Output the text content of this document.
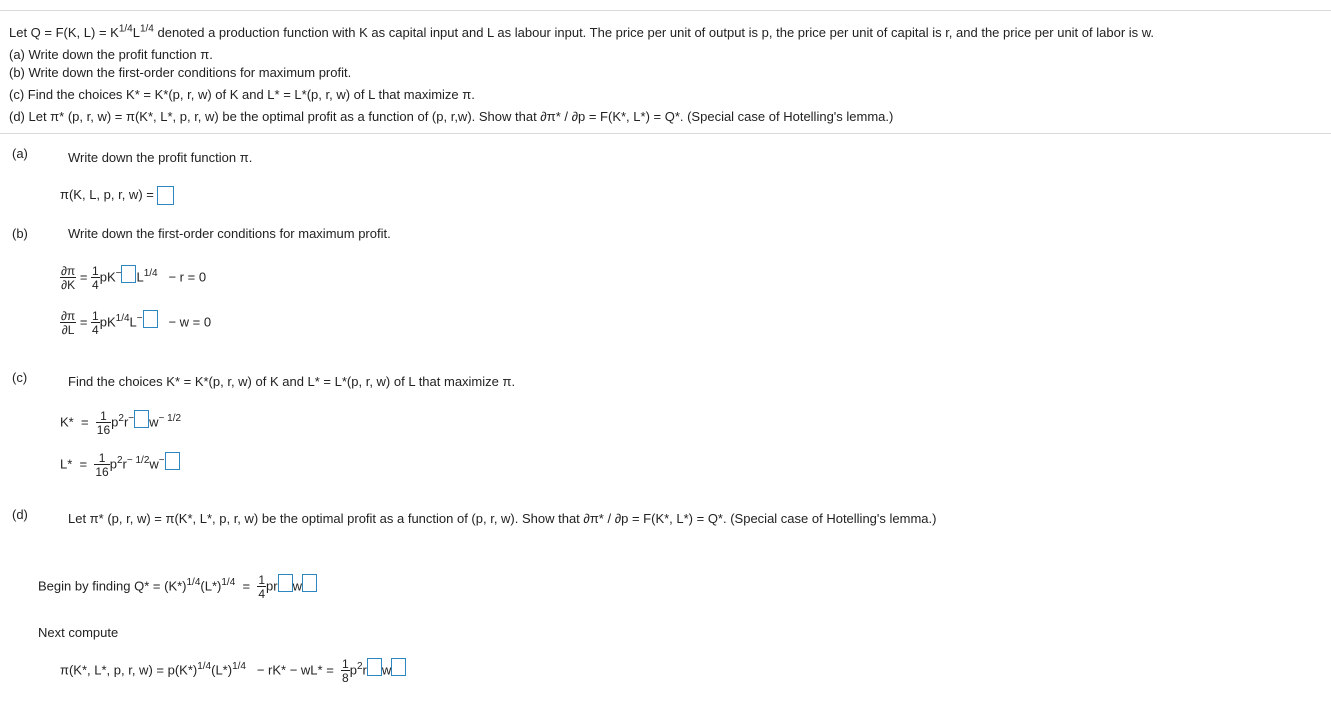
Let Q = F(K, $L) = K^{1/4}L^{1/4}$ denoted a production function with K as capital input and L as labour input. The price per unit of output is p, the price per unit of capital is r, and the price per unit of labor is w.
(a) Write down the profit function π.
(b) Write down the first-order conditions for maximum profit.
(c) Find the choices K* = K*(p, r, w) of K and L* = L*(p, r, w) of L that maximize π.
(d) Let π* (p, r, w) = π(K*, L*, p, r, w) be the optimal profit as a function of (p, r,w). Show that ∂π* / ∂p = F(K*, L*) = Q*. (Special case of Hotelling's lemma.)
(a)	Write down the profit function π.
π(K, L, p, r, w) =
(b)	Write down the first-order conditions for maximum profit.
$\frac{\partial\pi}{\partial K} = \frac{1}{4} pK^-$ $L^{1/4} - r = 0$
$\frac{\partial\pi}{\partial L} = \frac{1}{4} pK^{1/4}L^- - w = 0$
(c)	Find the choices K* = K*(p, r, w) of K and L* = L*(p, r, w) of L that maximize π.
$K* = \frac{1}{16} p^2r^-$ $w^{- 1/2}$
$L* = \frac{1}{16} p^2r^{- 1/2}w^-$
(d)	Let π* (p, r, w) = π(K*, L*, p, r, w) be the optimal profit as a function of (p, r, w). Show that ∂π* / ∂p = F(K*, L*) = Q*. (Special case of Hotelling's lemma.)
Begin by finding $Q* = (K*)^{1/4}(L*)^{1/4} = \frac{1}{4}$ pr w
Next compute
π(K*, L*, p, r, $w) = p(K*)^{1/4}(L*)^{1/4} - rK* - wL* = \frac{1}{8} p^2r$ w
